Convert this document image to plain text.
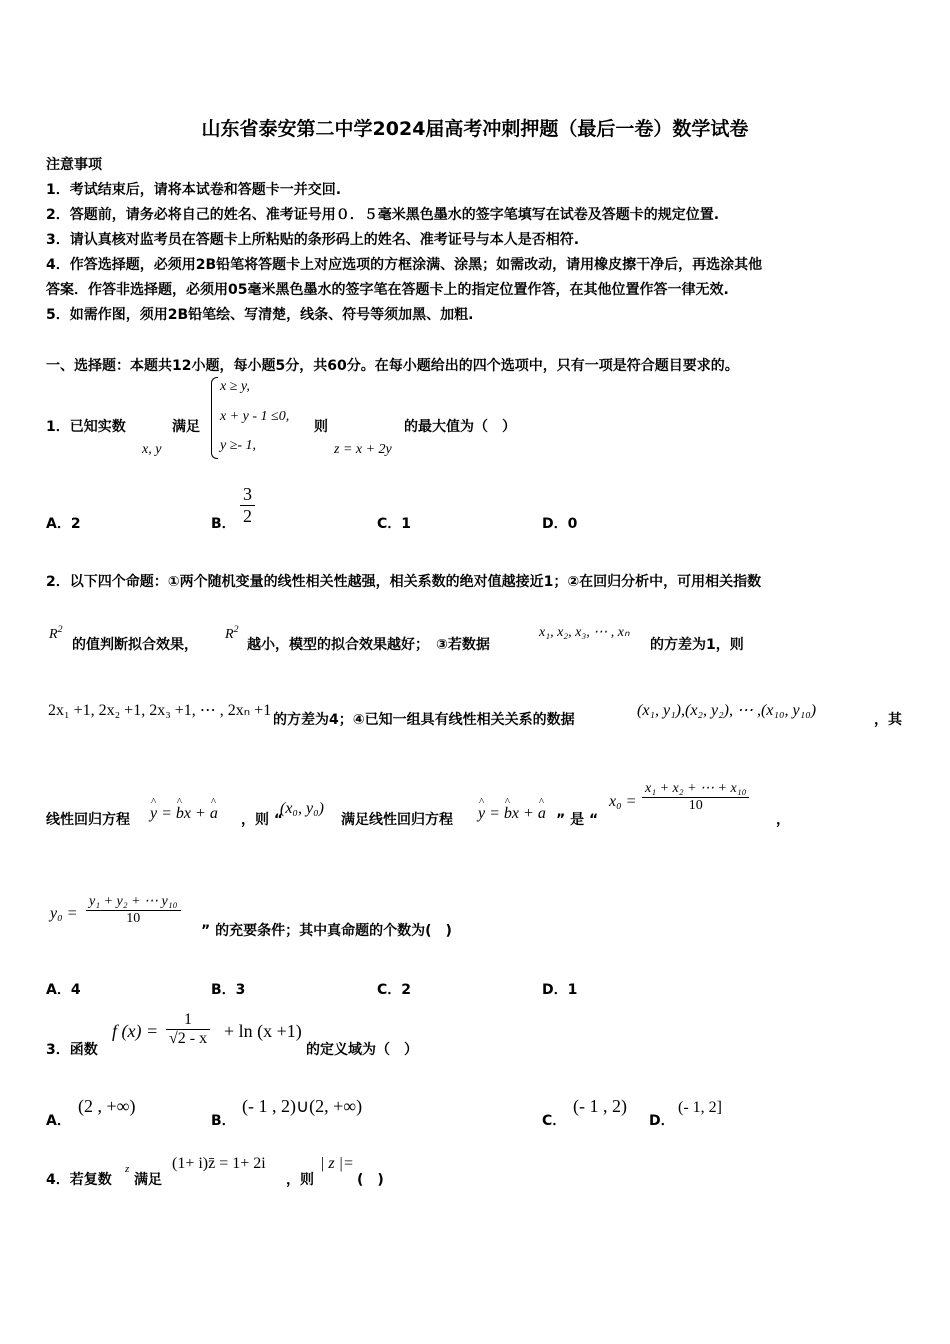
山东省泰安第二中学2024届高考冲刺押题（最后一卷）数学试卷
注意事项
1．考试结束后，请将本试卷和答题卡一并交回.
2．答题前，请务必将自己的姓名、准考证号用０．５毫米黑色墨水的签字笔填写在试卷及答题卡的规定位置.
3．请认真核对监考员在答题卡上所粘贴的条形码上的姓名、准考证号与本人是否相符.
4．作答选择题，必须用2B铅笔将答题卡上对应选项的方框涂满、涂黑；如需改动，请用橡皮擦干净后，再选涂其他
答案．作答非选择题，必须用05毫米黑色墨水的签字笔在答题卡上的指定位置作答，在其他位置作答一律无效.
5．如需作图，须用2B铅笔绘、写清楚，线条、符号等须加黑、加粗.
一、选择题：本题共12小题，每小题5分，共60分。在每小题给出的四个选项中，只有一项是符合题目要求的。
1．已知实数
x, y
满足
x ≥ y,
x + y - 1 ≤0,
y ≥- 1,
则
z = x + 2y
的最大值为（　）
A．2	B． $\frac{3}{2}$	C．1	D．0
2．以下四个命题：①两个随机变量的线性相关性越强，相关系数的绝对值越接近1；②在回归分析中，可用相关指数
$R^2$
的值判断拟合效果，
$R^2$
越小，模型的拟合效果越好；　③若数据
x₁, x₂, x₃, ⋯ , xₙ
的方差为1，则
2x₁ +1, 2x₂ +1, 2x₃ +1, ⋯ , 2xₙ +1
的方差为4；④已知一组具有线性相关关系的数据
(x₁, y₁),(x₂, y₂), ⋯ ,(x₁₀, y₁₀)
，其
线性回归方程 ^ y = ^ bx + ^ a ，则 “
(x₀, y₀)
满足线性回归方程 ^ y = ^ bx + ^ a ” 是 “
$x_0 = \frac{\text{x₁ + x₂ + ⋯ + x₁₀}}{10}$
，
$y_0 = \frac{\text{y₁ + y₂ + ⋯ y₁₀}}{10}$
” 的充要条件；其中真命题的个数为(　)
A．4	B．3	C．2	D．1
3．函数
f $(x) = \frac{1}{√2 - x} + \ln (x +1)$
的定义域为（　）
A．
(2 , +∞)
B．
(- 1 , 2)∪(2, +∞)
C．
(- 1 , 2)
D．
(- 1, 2]
4．若复数
z
满足
(1+ i)z̄ = 1+ 2i
，则
| z |=
(　)
